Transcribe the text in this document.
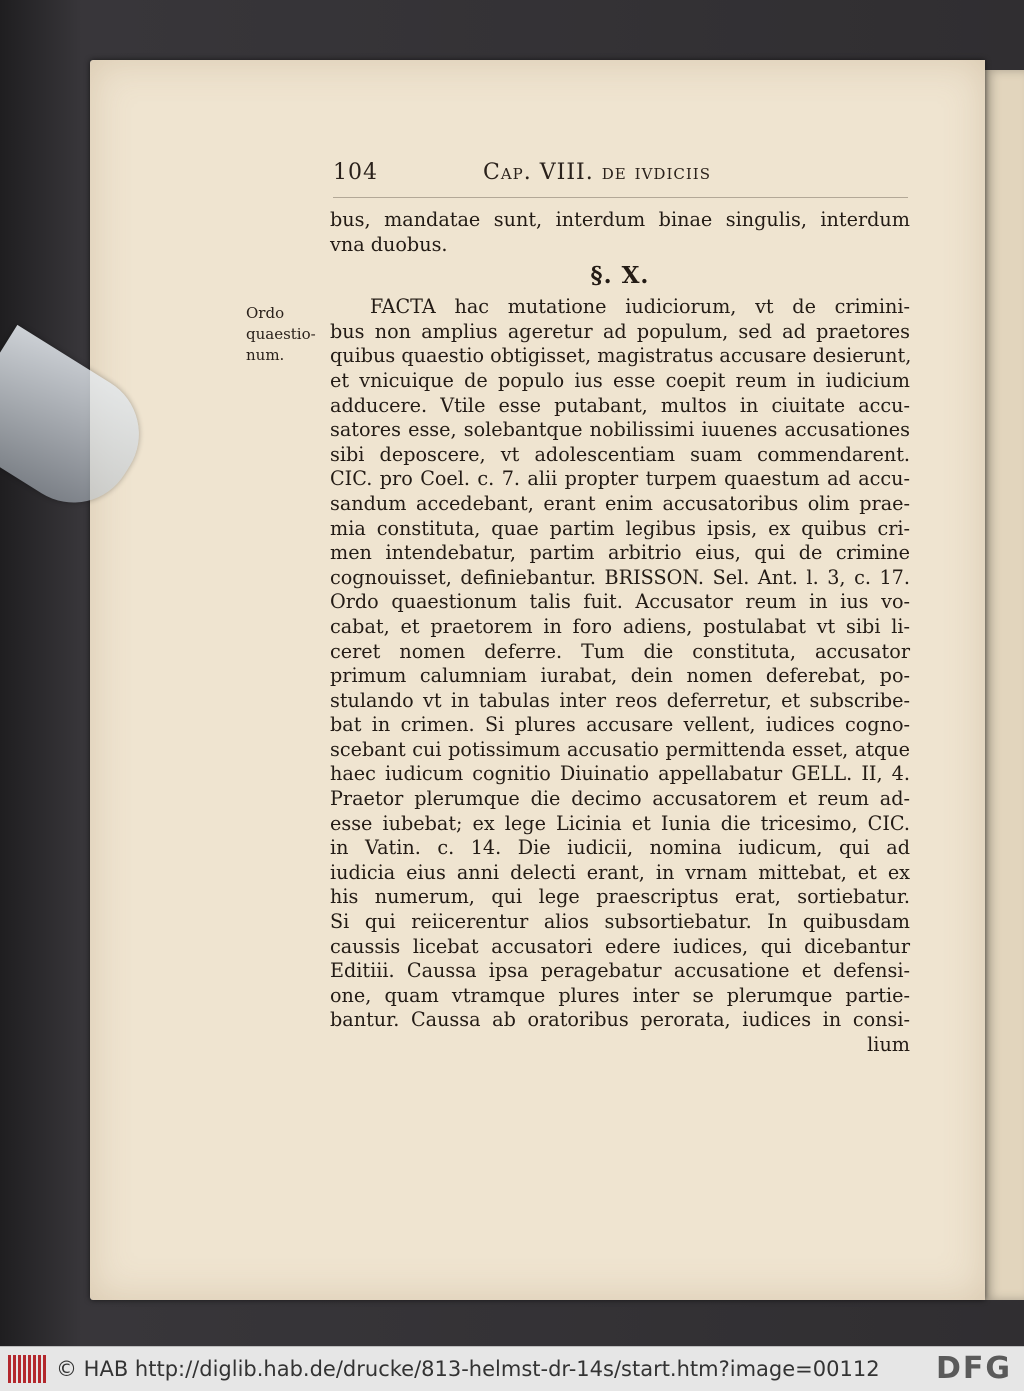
104	Cap. VIII. de ivdiciis
Ordo
quaestio-
num.
bus, mandatae sunt, interdum binae singulis, interdum
vna duobus.
§. X.
FACTA hac mutatione iudiciorum, vt de crimini-
bus non amplius ageretur ad populum, sed ad praetores
quibus quaestio obtigisset, magistratus accusare desierunt,
et vnicuique de populo ius esse coepit reum in iudicium
adducere. Vtile esse putabant, multos in ciuitate accu-
satores esse, solebantque nobilissimi iuuenes accusationes
sibi deposcere, vt adolescentiam suam commendarent.
CIC. pro Coel. c. 7. alii propter turpem quaestum ad accu-
sandum accedebant, erant enim accusatoribus olim prae-
mia constituta, quae partim legibus ipsis, ex quibus cri-
men intendebatur, partim arbitrio eius, qui de crimine
cognouisset, definiebantur. BRISSON. Sel. Ant. l. 3, c. 17.
Ordo quaestionum talis fuit. Accusator reum in ius vo-
cabat, et praetorem in foro adiens, postulabat vt sibi li-
ceret nomen deferre. Tum die constituta, accusator
primum calumniam iurabat, dein nomen deferebat, po-
stulando vt in tabulas inter reos deferretur, et subscribe-
bat in crimen. Si plures accusare vellent, iudices cogno-
scebant cui potissimum accusatio permittenda esset, atque
haec iudicum cognitio Diuinatio appellabatur GELL. II, 4.
Praetor plerumque die decimo accusatorem et reum ad-
esse iubebat; ex lege Licinia et Iunia die tricesimo, CIC.
in Vatin. c. 14. Die iudicii, nomina iudicum, qui ad
iudicia eius anni delecti erant, in vrnam mittebat, et ex
his numerum, qui lege praescriptus erat, sortiebatur.
Si qui reiicerentur alios subsortiebatur. In quibusdam
caussis licebat accusatori edere iudices, qui dicebantur
Editiii. Caussa ipsa peragebatur accusatione et defensi-
one, quam vtramque plures inter se plerumque partie-
bantur. Caussa ab oratoribus perorata, iudices in consi-
lium
© HAB http://diglib.hab.de/drucke/813-helmst-dr-14s/start.htm?image=00112 DFG
